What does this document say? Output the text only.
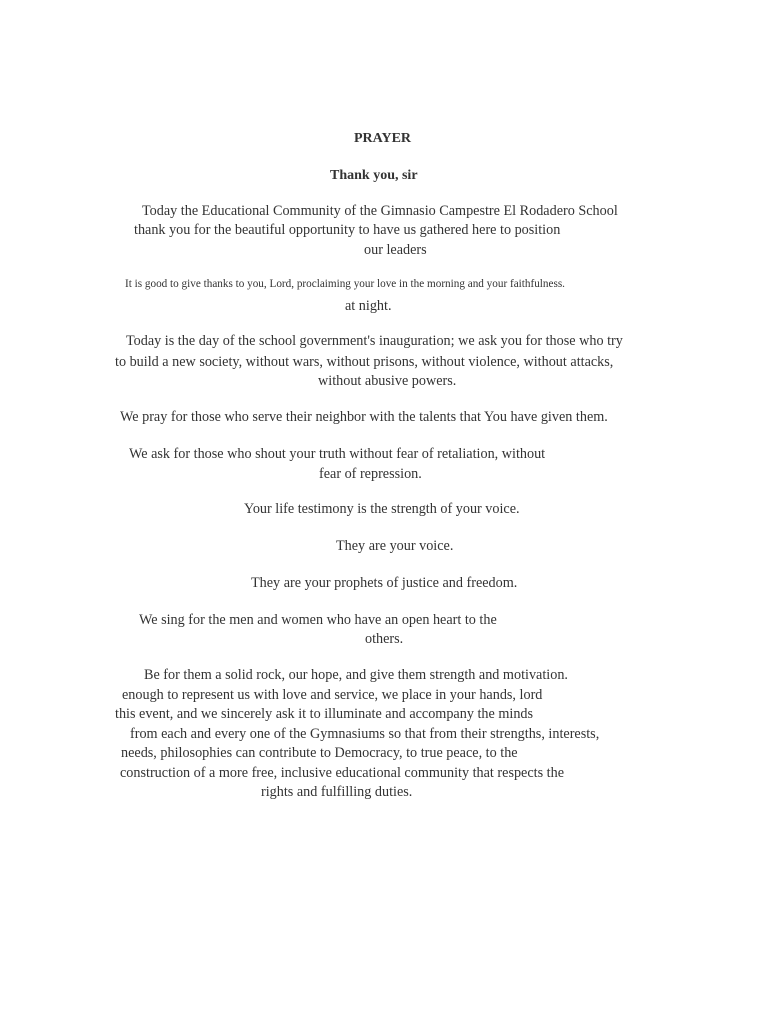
PRAYER
Thank you, sir
Today the Educational Community of the Gimnasio Campestre El Rodadero School
thank you for the beautiful opportunity to have us gathered here to position
our leaders
It is good to give thanks to you, Lord, proclaiming your love in the morning and your faithfulness.
at night.
Today is the day of the school government's inauguration; we ask you for those who try
to build a new society, without wars, without prisons, without violence, without attacks,
without abusive powers.
We pray for those who serve their neighbor with the talents that You have given them.
We ask for those who shout your truth without fear of retaliation, without
fear of repression.
Your life testimony is the strength of your voice.
They are your voice.
They are your prophets of justice and freedom.
We sing for the men and women who have an open heart to the
others.
Be for them a solid rock, our hope, and give them strength and motivation.
enough to represent us with love and service, we place in your hands, lord
this event, and we sincerely ask it to illuminate and accompany the minds
from each and every one of the Gymnasiums so that from their strengths, interests,
needs, philosophies can contribute to Democracy, to true peace, to the
construction of a more free, inclusive educational community that respects the
rights and fulfilling duties.
